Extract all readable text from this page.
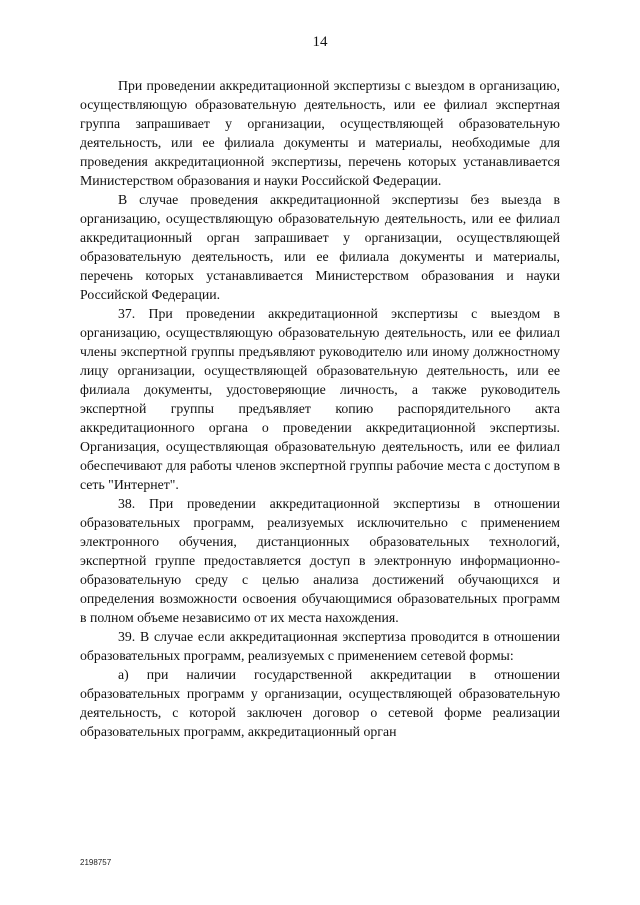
14

При проведении аккредитационной экспертизы с выездом в организацию, осуществляющую образовательную деятельность, или ее филиал экспертная группа запрашивает у организации, осуществляющей образовательную деятельность, или ее филиала документы и материалы, необходимые для проведения аккредитационной экспертизы, перечень которых устанавливается Министерством образования и науки Российской Федерации.

В случае проведения аккредитационной экспертизы без выезда в организацию, осуществляющую образовательную деятельность, или ее филиал аккредитационный орган запрашивает у организации, осуществляющей образовательную деятельность, или ее филиала документы и материалы, перечень которых устанавливается Министерством образования и науки Российской Федерации.

37. При проведении аккредитационной экспертизы с выездом в организацию, осуществляющую образовательную деятельность, или ее филиал члены экспертной группы предъявляют руководителю или иному должностному лицу организации, осуществляющей образовательную деятельность, или ее филиала документы, удостоверяющие личность, а также руководитель экспертной группы предъявляет копию распорядительного акта аккредитационного органа о проведении аккредитационной экспертизы. Организация, осуществляющая образовательную деятельность, или ее филиал обеспечивают для работы членов экспертной группы рабочие места с доступом в сеть "Интернет".

38. При проведении аккредитационной экспертизы в отношении образовательных программ, реализуемых исключительно с применением электронного обучения, дистанционных образовательных технологий, экспертной группе предоставляется доступ в электронную информационно-образовательную среду с целью анализа достижений обучающихся и определения возможности освоения обучающимися образовательных программ в полном объеме независимо от их места нахождения.

39. В случае если аккредитационная экспертиза проводится в отношении образовательных программ, реализуемых с применением сетевой формы:

а) при наличии государственной аккредитации в отношении образовательных программ у организации, осуществляющей образовательную деятельность, с которой заключен договор о сетевой форме реализации образовательных программ, аккредитационный орган

2198757
